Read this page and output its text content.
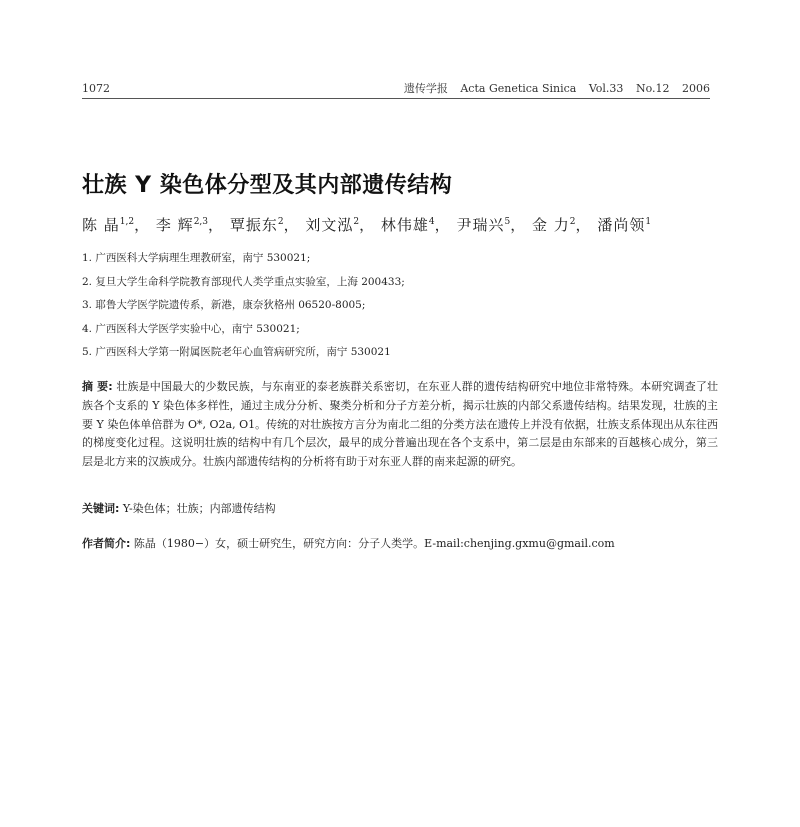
1072	遗传学报 Acta Genetica Sinica Vol.33 No.12 2006
壮族 Y 染色体分型及其内部遗传结构
陈 晶$^{1,2}$， 李 辉$^{2,3}$， 覃振东$^2$， 刘文泓$^2$， 林伟雄$^4$， 尹瑞兴$^5$， 金 力$^2$， 潘尚领$^1$
1. 广西医科大学病理生理教研室，南宁 530021;
2. 复旦大学生命科学院教育部现代人类学重点实验室，上海 200433;
3. 耶鲁大学医学院遗传系，新港，康奈狄格州 06520-8005;
4. 广西医科大学医学实验中心，南宁 530021;
5. 广西医科大学第一附属医院老年心血管病研究所，南宁 530021

摘 要: 壮族是中国最大的少数民族，与东南亚的泰老族群关系密切，在东亚人群的遗传结构研究中地位非常特殊。本研究调查了壮族各个支系的 Y 染色体多样性，通过主成分分析、聚类分析和分子方差分析，揭示壮族的内部父系遗传结构。结果发现，壮族的主要 Y 染色体单倍群为 O*, O2a, O1。传统的对壮族按方言分为南北二组的分类方法在遗传上并没有依据，壮族支系体现出从东往西的梯度变化过程。这说明壮族的结构中有几个层次，最早的成分普遍出现在各个支系中，第二层是由东部来的百越核心成分，第三层是北方来的汉族成分。壮族内部遗传结构的分析将有助于对东亚人群的南来起源的研究。

关键词: Y-染色体；壮族；内部遗传结构

作者简介: 陈晶（1980−）女，硕士研究生，研究方向：分子人类学。E-mail:chenjing.gxmu@gmail.com
